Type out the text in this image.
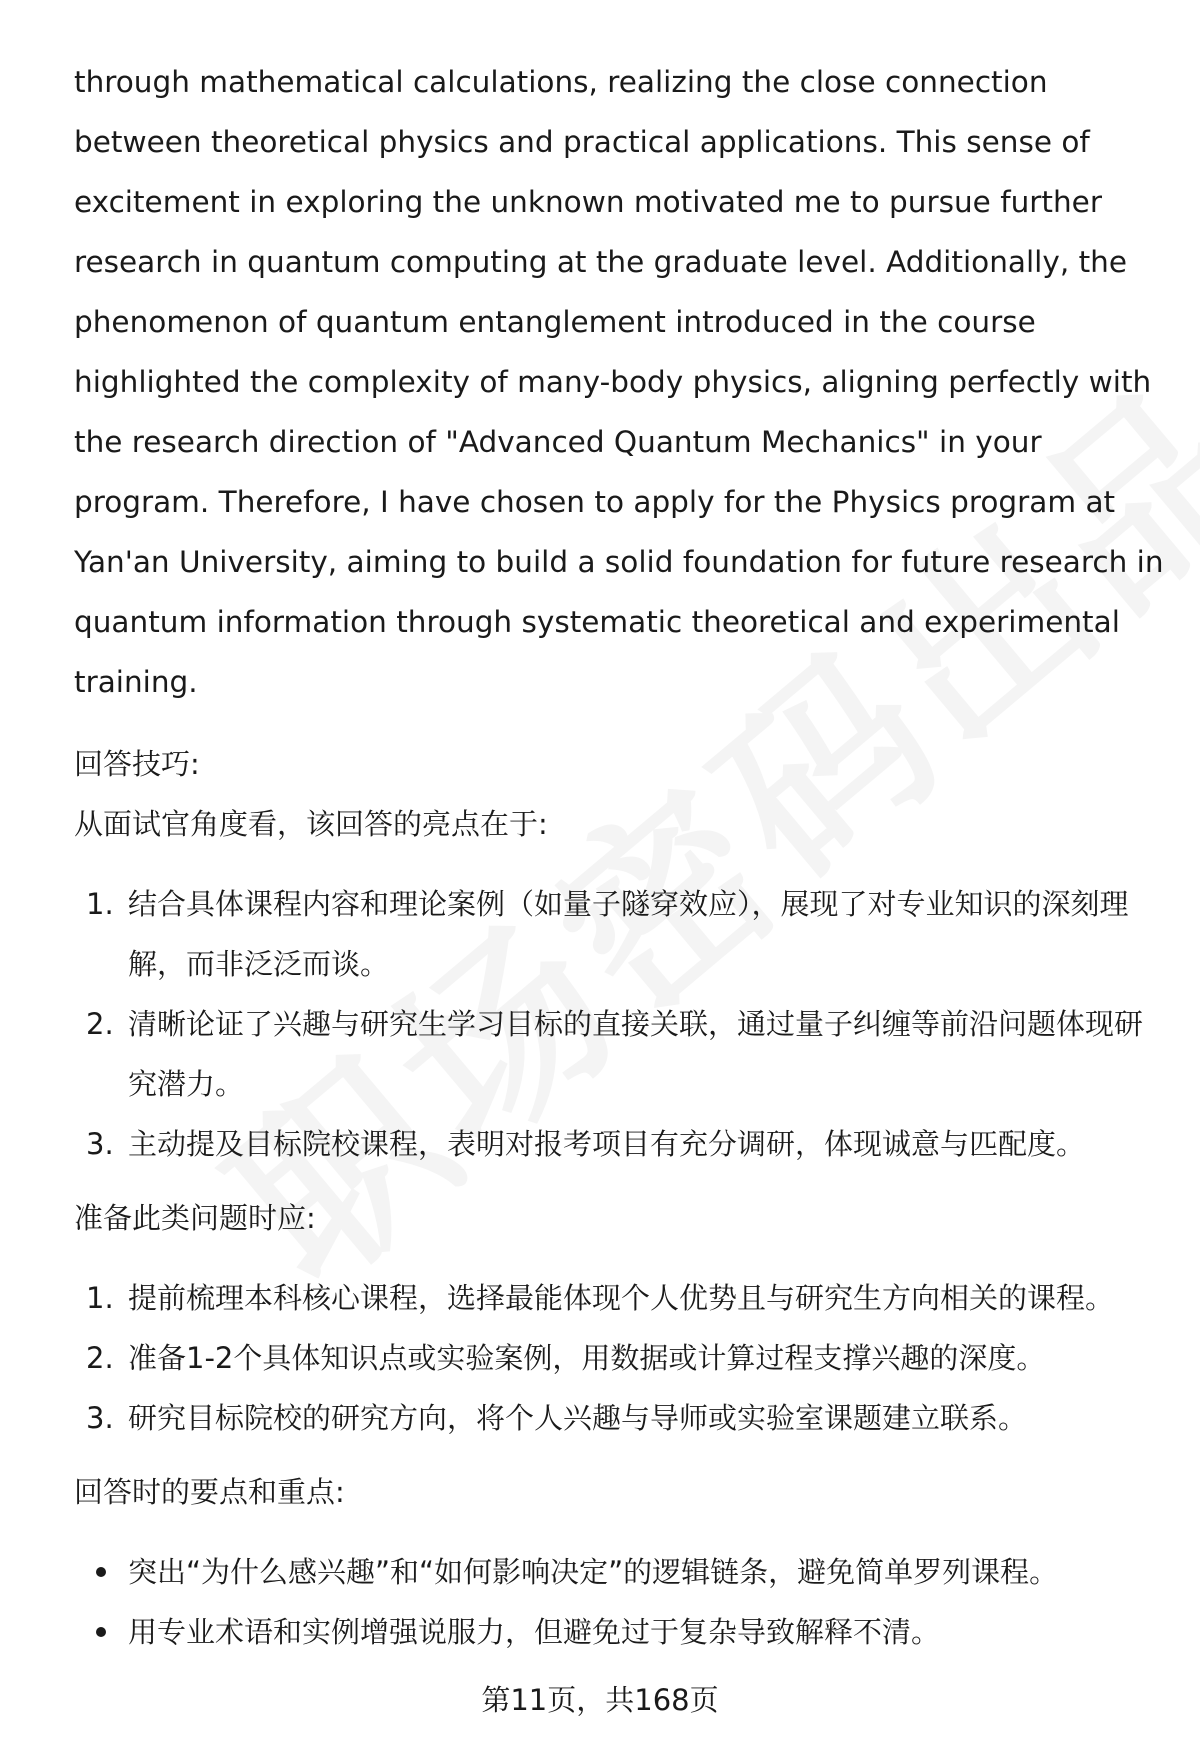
through mathematical calculations, realizing the close connection between theoretical physics and practical applications. This sense of excitement in exploring the unknown motivated me to pursue further research in quantum computing at the graduate level. Additionally, the phenomenon of quantum entanglement introduced in the course highlighted the complexity of many-body physics, aligning perfectly with the research direction of "Advanced Quantum Mechanics" in your program. Therefore, I have chosen to apply for the Physics program at Yan'an University, aiming to build a solid foundation for future research in quantum information through systematic theoretical and experimental training.

回答技巧:

从面试官角度看，该回答的亮点在于:

1. 结合具体课程内容和理论案例（如量子隧穿效应），展现了对专业知识的深刻理解，而非泛泛而谈。
2. 清晰论证了兴趣与研究生学习目标的直接关联，通过量子纠缠等前沿问题体现研究潜力。
3. 主动提及目标院校课程，表明对报考项目有充分调研，体现诚意与匹配度。

准备此类问题时应:

1. 提前梳理本科核心课程，选择最能体现个人优势且与研究生方向相关的课程。
2. 准备1-2个具体知识点或实验案例，用数据或计算过程支撑兴趣的深度。
3. 研究目标院校的研究方向，将个人兴趣与导师或实验室课题建立联系。

回答时的要点和重点:

突出“为什么感兴趣”和“如何影响决定”的逻辑链条，避免简单罗列课程。
用专业术语和实例增强说服力，但避免过于复杂导致解释不清。
第11页，共168页
